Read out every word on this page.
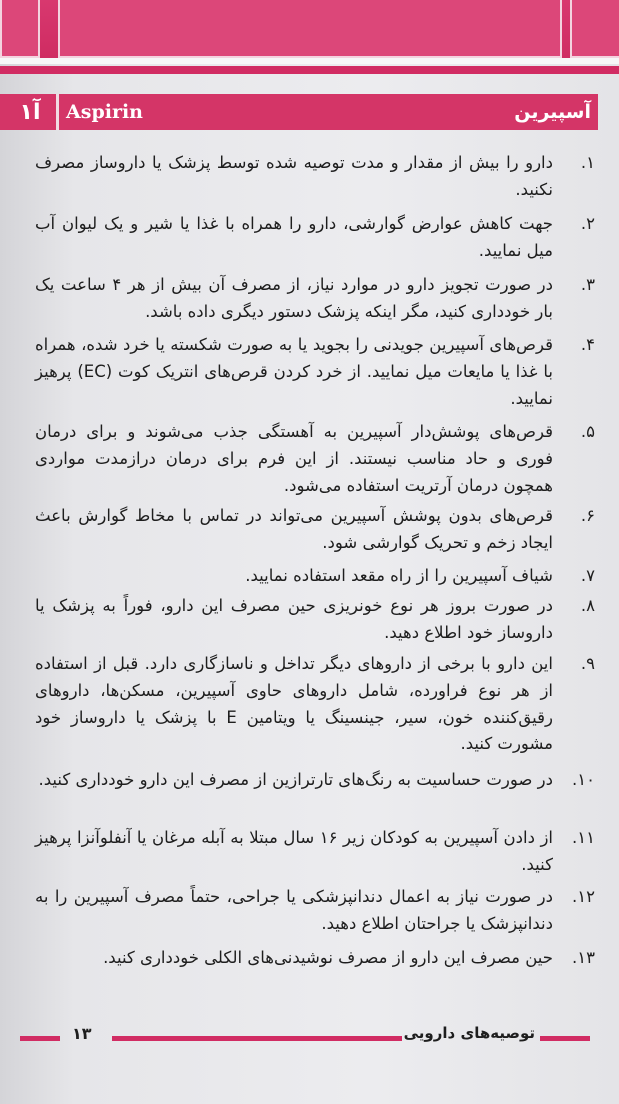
آ۱	Aspirin	آسپیرین
۱.
دارو را بیش از مقدار و مدت توصیه شده توسط پزشک یا داروساز مصرف نکنید.
۲.
جهت کاهش عوارض گوارشی، دارو را همراه با غذا یا شیر و یک لیوان آب میل نمایید.
۳.
در صورت تجویز دارو در موارد نیاز، از مصرف آن بیش از هر ۴ ساعت یک بار خودداری کنید، مگر اینکه پزشک دستور دیگری داده باشد.
۴.
قرص‌های آسپیرین جویدنی را بجوید یا به صورت شکسته یا خرد شده، همراه با غذا یا مایعات میل نمایید. از خرد کردن قرص‌های انتریک کوت (EC) پرهیز نمایید.
۵.
قرص‌های پوشش‌دار آسپیرین به آهستگی جذب می‌شوند و برای درمان فوری و حاد مناسب نیستند. از این فرم برای درمان درازمدت مواردی همچون درمان آرتریت استفاده می‌شود.
۶.
قرص‌های بدون پوشش آسپیرین می‌تواند در تماس با مخاط گوارش باعث ایجاد زخم و تحریک گوارشی شود.
۷.
شیاف آسپیرین را از راه مقعد استفاده نمایید.
۸.
در صورت بروز هر نوع خونریزی حین مصرف این دارو، فوراً به پزشک یا داروساز خود اطلاع دهید.
۹.
این دارو با برخی از داروهای دیگر تداخل و ناسازگاری دارد. قبل از استفاده از هر نوع فراورده، شامل داروهای حاوی آسپیرین، مسکن‌ها، داروهای رقیق‌کننده خون، سیر، جینسینگ یا ویتامین E با پزشک یا داروساز خود مشورت کنید.
۱۰.
در صورت حساسیت به رنگ‌های تارترازین از مصرف این دارو خودداری کنید.
۱۱.
از دادن آسپیرین به کودکان زیر ۱۶ سال مبتلا به آبله مرغان یا آنفلوآنزا پرهیز کنید.
۱۲.
در صورت نیاز به اعمال دندانپزشکی یا جراحی، حتماً مصرف آسپیرین را به دندانپزشک یا جراحتان اطلاع دهید.
۱۳.
حین مصرف این دارو از مصرف نوشیدنی‌های الکلی خودداری کنید.
توصیه‌های دارویی
۱۳
